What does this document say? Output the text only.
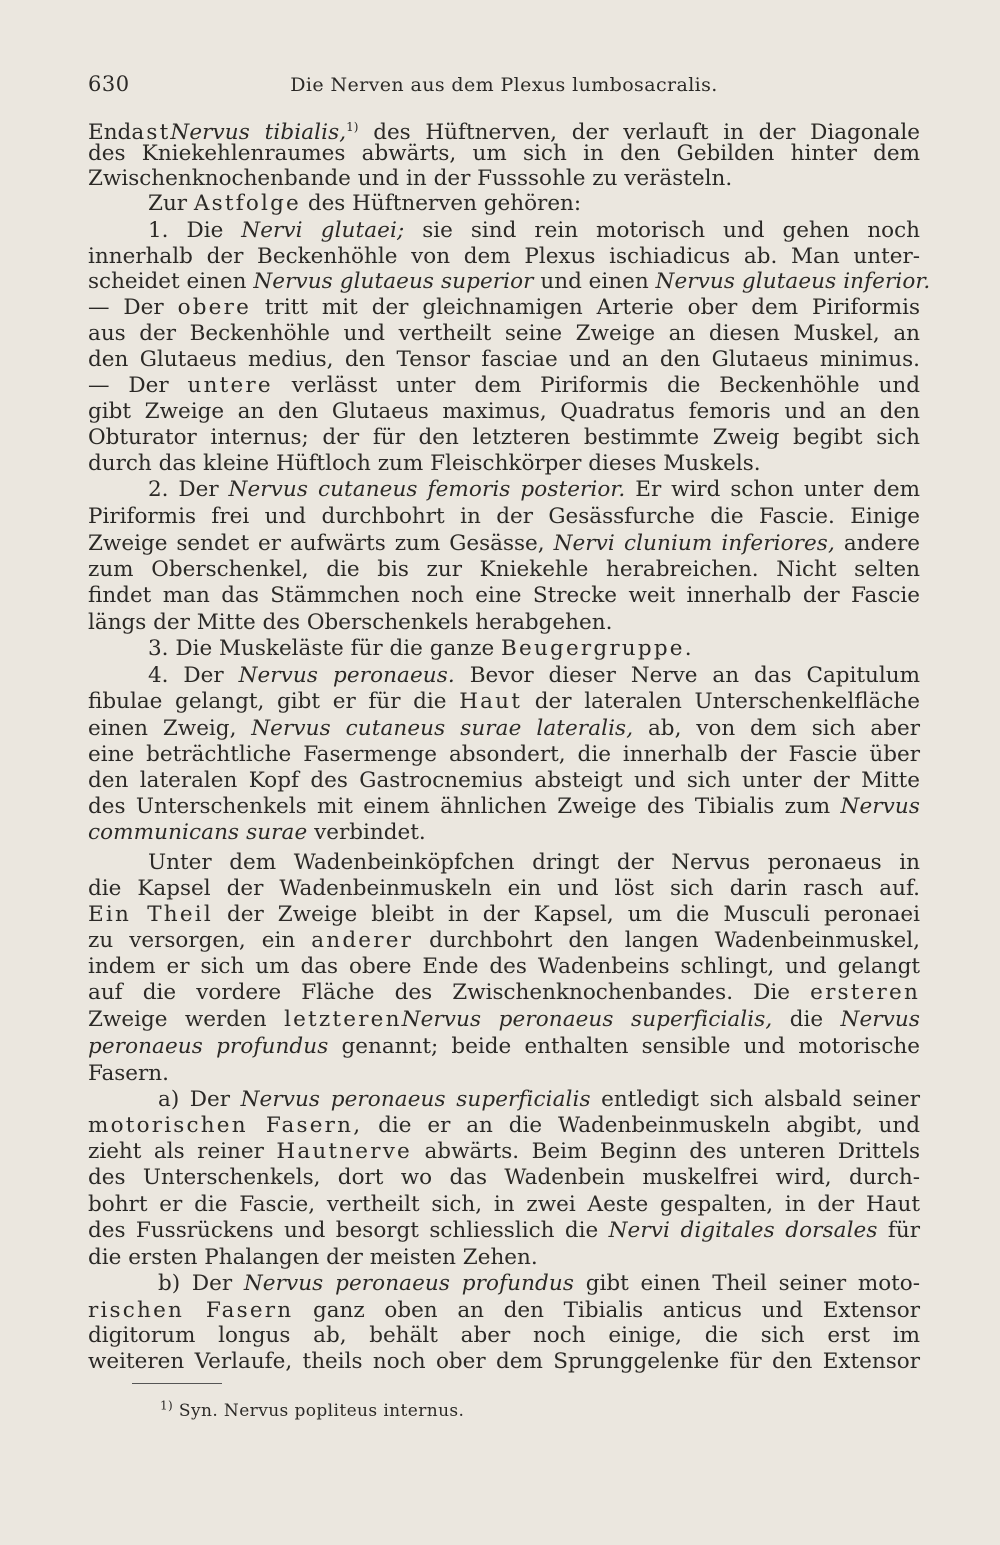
630	Die Nerven aus dem Plexus lumbosacralis.
EndastNervus tibialis,$^{1)}$ des Hüftnerven, der verlauft in der Diagonale
des Kniekehlenraumes abwärts, um sich in den Gebilden hinter dem
Zwischenknochenbande und in der Fusssohle zu verästeln.
Zur Astfolge des Hüftnerven gehören:
1. Die Nervi glutaei; sie sind rein motorisch und gehen noch
innerhalb der Beckenhöhle von dem Plexus ischiadicus ab. Man unter-
scheidet einen Nervus glutaeus superior und einen Nervus glutaeus inferior.
— Der obere tritt mit der gleichnamigen Arterie ober dem Piriformis
aus der Beckenhöhle und vertheilt seine Zweige an diesen Muskel, an
den Glutaeus medius, den Tensor fasciae und an den Glutaeus minimus.
— Der untere verlässt unter dem Piriformis die Beckenhöhle und
gibt Zweige an den Glutaeus maximus, Quadratus femoris und an den
Obturator internus; der für den letzteren bestimmte Zweig begibt sich
durch das kleine Hüftloch zum Fleischkörper dieses Muskels.
2. Der Nervus cutaneus femoris posterior. Er wird schon unter dem
Piriformis frei und durchbohrt in der Gesässfurche die Fascie. Einige
Zweige sendet er aufwärts zum Gesässe, Nervi clunium inferiores, andere
zum Oberschenkel, die bis zur Kniekehle herabreichen. Nicht selten
findet man das Stämmchen noch eine Strecke weit innerhalb der Fascie
längs der Mitte des Oberschenkels herabgehen.
3. Die Muskeläste für die ganze Beugergruppe.
4. Der Nervus peronaeus. Bevor dieser Nerve an das Capitulum
fibulae gelangt, gibt er für die Haut der lateralen Unterschenkelfläche
einen Zweig, Nervus cutaneus surae lateralis, ab, von dem sich aber
eine beträchtliche Fasermenge absondert, die innerhalb der Fascie über
den lateralen Kopf des Gastrocnemius absteigt und sich unter der Mitte
des Unterschenkels mit einem ähnlichen Zweige des Tibialis zum Nervus
communicans surae verbindet.
Unter dem Wadenbeinköpfchen dringt der Nervus peronaeus in
die Kapsel der Wadenbeinmuskeln ein und löst sich darin rasch auf.
Ein Theil der Zweige bleibt in der Kapsel, um die Musculi peronaei
zu versorgen, ein anderer durchbohrt den langen Wadenbeinmuskel,
indem er sich um das obere Ende des Wadenbeins schlingt, und gelangt
auf die vordere Fläche des Zwischenknochenbandes. Die ersteren
Zweige werden letzterenNervus peronaeus superficialis, die Nervus
peronaeus profundus genannt; beide enthalten sensible und motorische
Fasern.
a) Der Nervus peronaeus superficialis entledigt sich alsbald seiner
motorischen Fasern, die er an die Wadenbeinmuskeln abgibt, und
zieht als reiner Hautnerve abwärts. Beim Beginn des unteren Drittels
des Unterschenkels, dort wo das Wadenbein muskelfrei wird, durch-
bohrt er die Fascie, vertheilt sich, in zwei Aeste gespalten, in der Haut
des Fussrückens und besorgt schliesslich die Nervi digitales dorsales für
die ersten Phalangen der meisten Zehen.
b) Der Nervus peronaeus profundus gibt einen Theil seiner moto-
rischen Fasern ganz oben an den Tibialis anticus und Extensor
digitorum longus ab, behält aber noch einige, die sich erst im
weiteren Verlaufe, theils noch ober dem Sprunggelenke für den Extensor
$^{1)}$ Syn. Nervus popliteus internus.
